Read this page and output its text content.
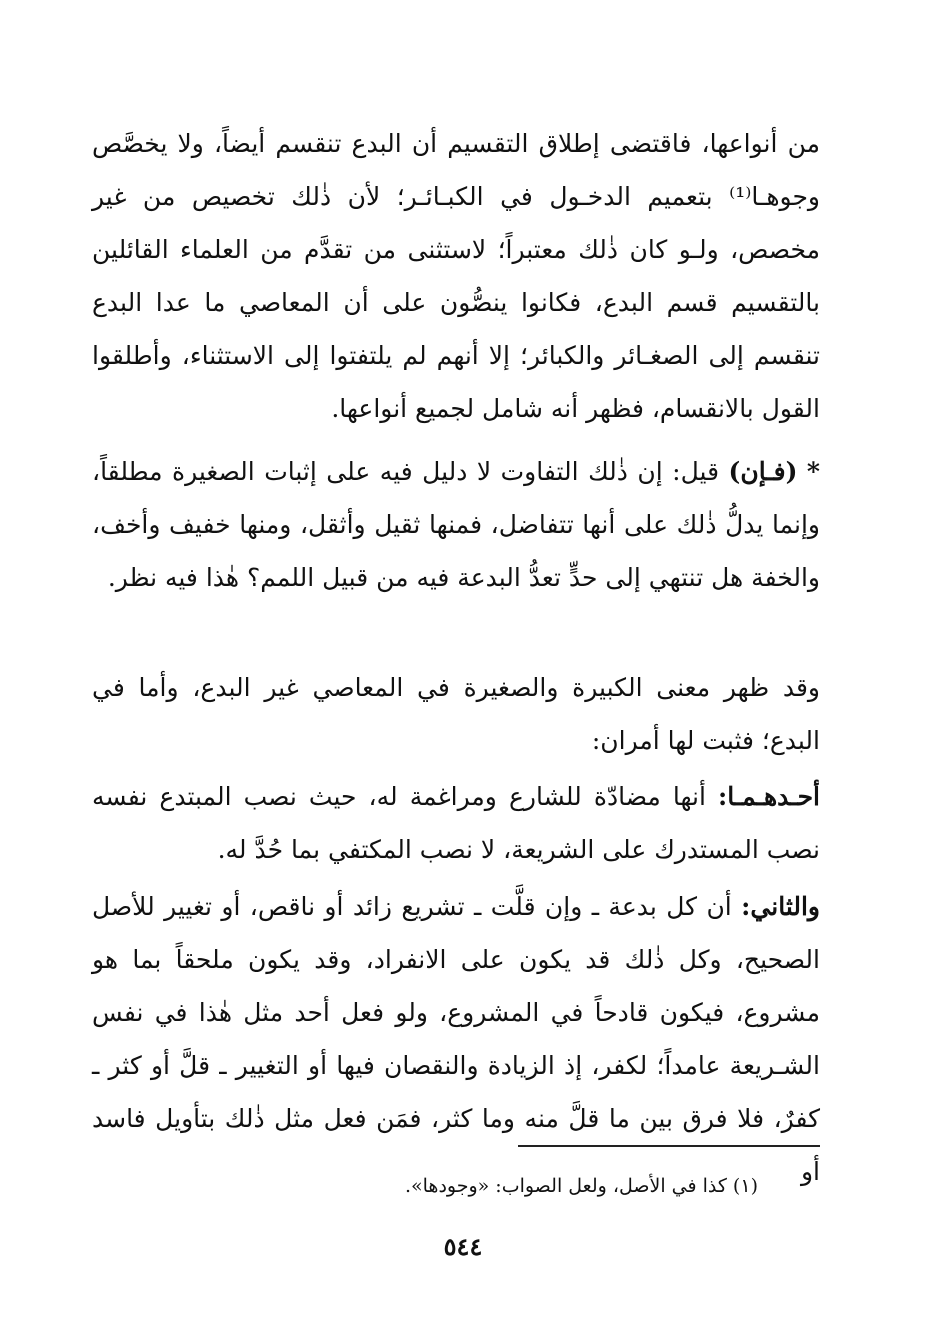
من أنواعها، فاقتضى إطلاق التقسيم أن البدع تنقسم أيضاً، ولا يخصَّص وجوهـا⁽¹⁾ بتعميم الدخـول في الكبـائـر؛ لأن ذٰلك تخصيص من غير مخصص، ولـو كان ذٰلك معتبراً؛ لاستثنى من تقدَّم من العلماء القائلين بالتقسيم قسم البدع، فكانوا ينصُّون على أن المعاصي ما عدا البدع تنقسم إلى الصغـائر والكبائر؛ إلا أنهم لم يلتفتوا إلى الاستثناء، وأطلقوا القول بالانقسام، فظهر أنه شامل لجميع أنواعها.

* (فـإن) قيل: إن ذٰلك التفاوت لا دليل فيه على إثبات الصغيرة مطلقاً، وإنما يدلُّ ذٰلك على أنها تتفاضل، فمنها ثقيل وأثقل، ومنها خفيف وأخف، والخفة هل تنتهي إلى حدٍّ تعدُّ البدعة فيه من قبيل اللمم؟ هٰذا فيه نظر.

وقد ظهر معنى الكبيرة والصغيرة في المعاصي غير البدع، وأما في البدع؛ فثبت لها أمران:

أحـدهـمـا: أنها مضادّة للشارع ومراغمة له، حيث نصب المبتدع نفسه نصب المستدرك على الشريعة، لا نصب المكتفي بما حُدَّ له.

والثاني: أن كل بدعة ـ وإن قلَّت ـ تشريع زائد أو ناقص، أو تغيير للأصل الصحيح، وكل ذٰلك قد يكون على الانفراد، وقد يكون ملحقاً بما هو مشروع، فيكون قادحاً في المشروع، ولو فعل أحد مثل هٰذا في نفس الشـريعة عامداً؛ لكفر، إذ الزيادة والنقصان فيها أو التغيير ـ قلَّ أو كثر ـ كفرٌ، فلا فرق بين ما قلَّ منه وما كثر، فمَن فعل مثل ذٰلك بتأويل فاسد أو

(١) كذا في الأصل، ولعل الصواب: «وجودها».
٥٤٤
